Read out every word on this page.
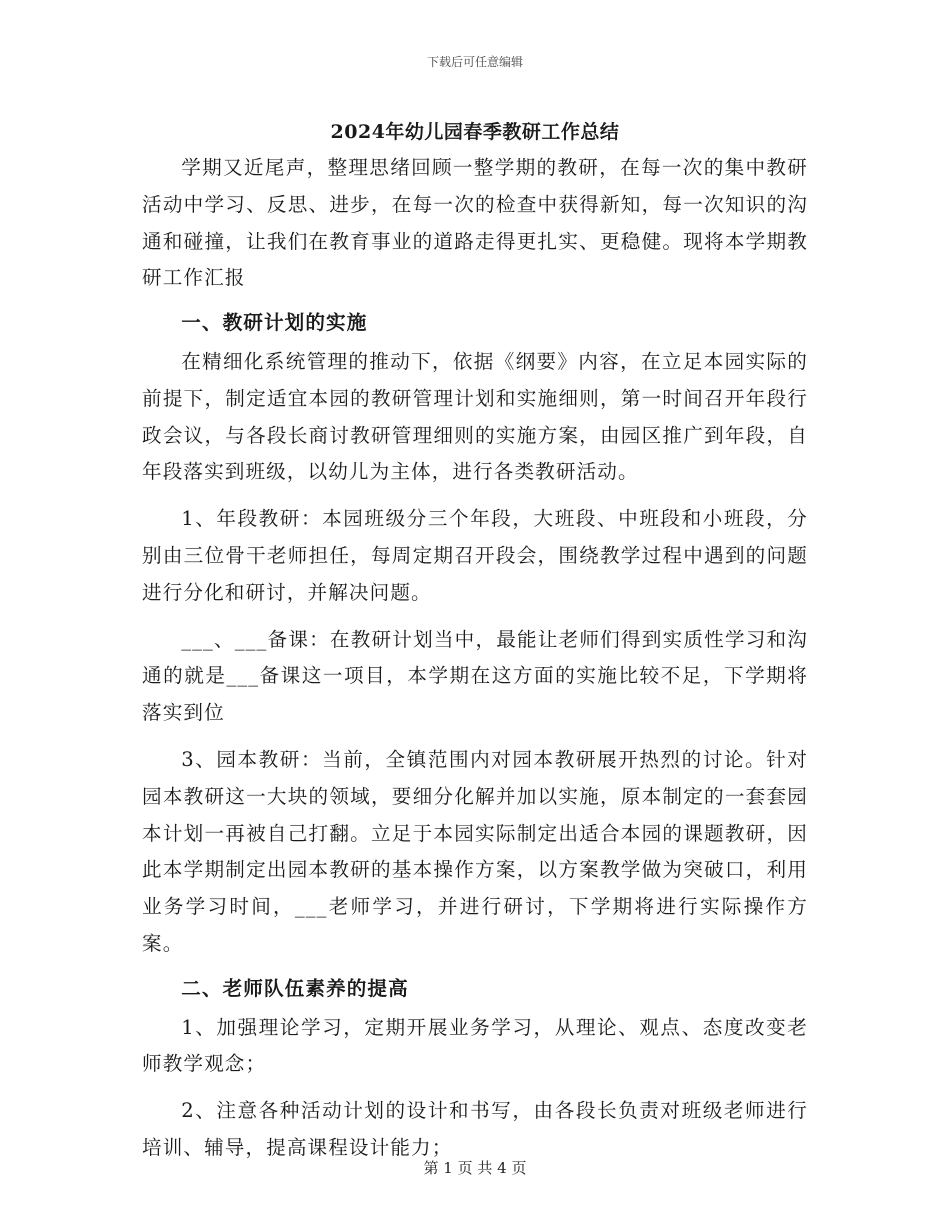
下载后可任意编辑
2024年幼儿园春季教研工作总结

学期又近尾声，整理思绪回顾一整学期的教研，在每一次的集中教研活动中学习、反思、进步，在每一次的检查中获得新知，每一次知识的沟通和碰撞，让我们在教育事业的道路走得更扎实、更稳健。现将本学期教研工作汇报

一、教研计划的实施

在精细化系统管理的推动下，依据《纲要》内容，在立足本园实际的前提下，制定适宜本园的教研管理计划和实施细则，第一时间召开年段行政会议，与各段长商讨教研管理细则的实施方案，由园区推广到年段，自年段落实到班级，以幼儿为主体，进行各类教研活动。

1、年段教研：本园班级分三个年段，大班段、中班段和小班段，分别由三位骨干老师担任，每周定期召开段会，围绕教学过程中遇到的问题进行分化和研讨，并解决问题。

___、___备课：在教研计划当中，最能让老师们得到实质性学习和沟通的就是___备课这一项目，本学期在这方面的实施比较不足，下学期将落实到位

3、园本教研：当前，全镇范围内对园本教研展开热烈的讨论。针对园本教研这一大块的领域，要细分化解并加以实施，原本制定的一套套园本计划一再被自己打翻。立足于本园实际制定出适合本园的课题教研，因此本学期制定出园本教研的基本操作方案，以方案教学做为突破口，利用业务学习时间，___老师学习，并进行研讨，下学期将进行实际操作方案。

二、老师队伍素养的提高

1、加强理论学习，定期开展业务学习，从理论、观点、态度改变老师教学观念；

2、注意各种活动计划的设计和书写，由各段长负责对班级老师进行培训、辅导，提高课程设计能力；

第 1 页 共 4 页
